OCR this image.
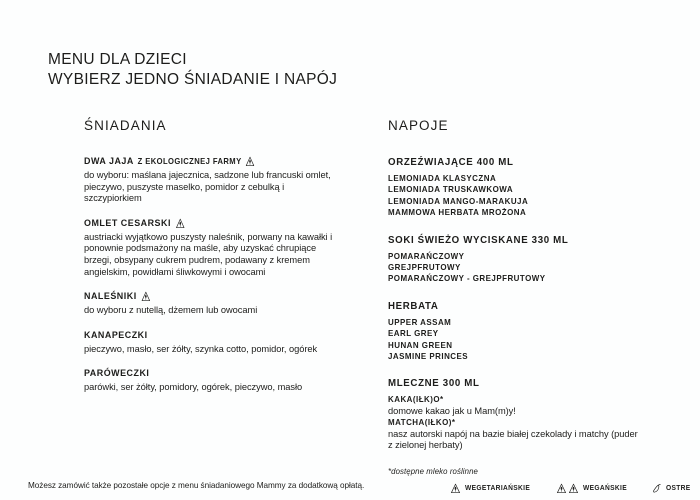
MENU DLA DZIECI
WYBIERZ JEDNO ŚNIADANIE I NAPÓJ
ŚNIADANIA
DWA JAJA Z EKOLOGICZNEJ FARMY
do wyboru: maślana jajecznica, sadzone lub francuski omlet, pieczywo, puszyste maselko, pomidor z cebulką i szczypiorkiem
OMLET CESARSKI
austriacki wyjątkowo puszysty naleśnik, porwany na kawałki i ponownie podsmażony na maśle, aby uzyskać chrupiące brzegi, obsypany cukrem pudrem, podawany z kremem angielskim, powidłami śliwkowymi i owocami
NALEŚNIKI
do wyboru z nutellą, dżemem lub owocami
KANAPECZKI
pieczywo, masło, ser żółty, szynka cotto, pomidor, ogórek
PARÓWECZKI
parówki, ser żółty, pomidory, ogórek, pieczywo, masło
NAPOJE
ORZEŹWIAJĄCE 400 ML
LEMONIADA KLASYCZNA
LEMONIADA TRUSKAWKOWA
LEMONIADA MANGO-MARAKUJA
MAMMOWA HERBATA MROŻONA
SOKI ŚWIEŻO WYCISKANE 330 ML
POMARAŃCZOWY
GREJPFRUTOWY
POMARAŃCZOWY - GREJPFRUTOWY
HERBATA
UPPER ASSAM
EARL GREY
HUNAN GREEN
JASMINE PRINCES
MLECZNE 300 ML
KAKA(IŁK)O*
domowe kakao jak u Mam(m)y!
MATCHA(IŁKO)*
nasz autorski napój na bazie białej czekolady i matchy (puder z zielonej herbaty)
*dostępne mleko roślinne
Możesz zamówić także pozostałe opcje z menu śniadaniowego Mammy za dodatkową opłatą.	WEGETARIAŃSKIE	WEGAŃSKIE	OSTRE
